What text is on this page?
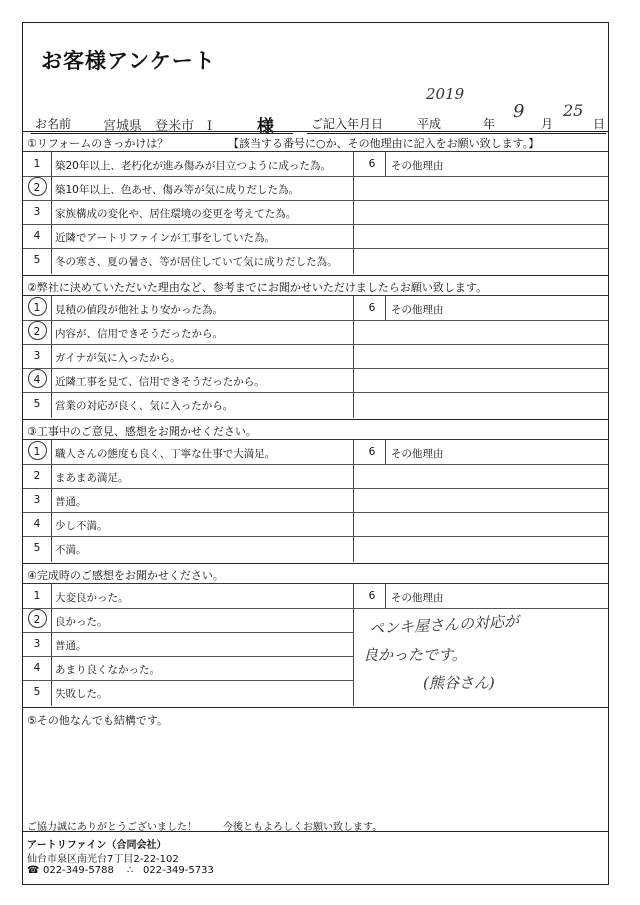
お客様アンケート
お名前 宮城県　登米市　I	様	ご記入年月日	平成
2019
年
9
月
25
日
①リフォームのきっかけは？	【該当する番号に○か、その他理由に記入をお願い致します。】
6	その他理由
1	築20年以上、老朽化が進み傷みが目立つように成った為。
2	築10年以上、色あせ、傷み等が気に成りだした為。
3	家族構成の変化や、居住環境の変更を考えてた為。
4	近隣でアートリファインが工事をしていた為。
5	冬の寒さ、夏の暑さ、等が居住していて気に成りだした為。
②弊社に決めていただいた理由など、参考までにお聞かせいただけましたらお願い致します。
6	その他理由
1	見積の値段が他社より安かった為。
2	内容が、信用できそうだったから。
3	ガイナが気に入ったから。
4	近隣工事を見て、信用できそうだったから。
5	営業の対応が良く、気に入ったから。
③工事中のご意見、感想をお聞かせください。
6	その他理由
1	職人さんの態度も良く、丁寧な仕事で大満足。
2	まあまあ満足。
3	普通。
4	少し不満。
5	不満。
④完成時のご感想をお聞かせください。
6	その他理由
1	大変良かった。
2	良かった。
3	普通。
4	あまり良くなかった。
5	失敗した。
ペンキ屋さんの対応が
良かったです。
(熊谷さん)
⑤その他なんでも結構です。
ご協力誠にありがとうございました！	今後ともよろしくお願い致します。
アートリファイン（合同会社）
仙台市泉区南光台7丁目2-22-102
☎ 022-349-5788 ∴ 022-349-5733
